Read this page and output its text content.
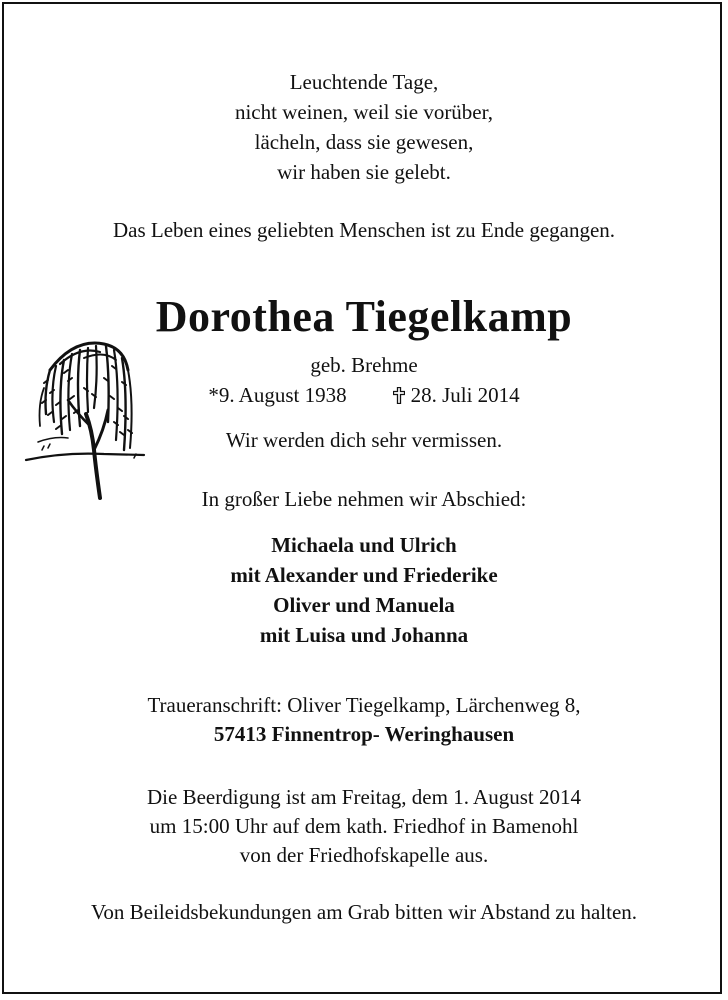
Leuchtende Tage,
nicht weinen, weil sie vorüber,
lächeln, dass sie gewesen,
wir haben sie gelebt.
Das Leben eines geliebten Menschen ist zu Ende gegangen.
Dorothea Tiegelkamp
geb. Brehme
*9. August 1938	28. Juli 2014
Wir werden dich sehr vermissen.
In großer Liebe nehmen wir Abschied:
Michaela und Ulrich
mit Alexander und Friederike
Oliver und Manuela
mit Luisa und Johanna
Traueranschrift: Oliver Tiegelkamp, Lärchenweg 8,
57413 Finnentrop- Weringhausen
Die Beerdigung ist am Freitag, dem 1. August 2014
um 15:00 Uhr auf dem kath. Friedhof in Bamenohl
von der Friedhofskapelle aus.
Von Beileidsbekundungen am Grab bitten wir Abstand zu halten.
